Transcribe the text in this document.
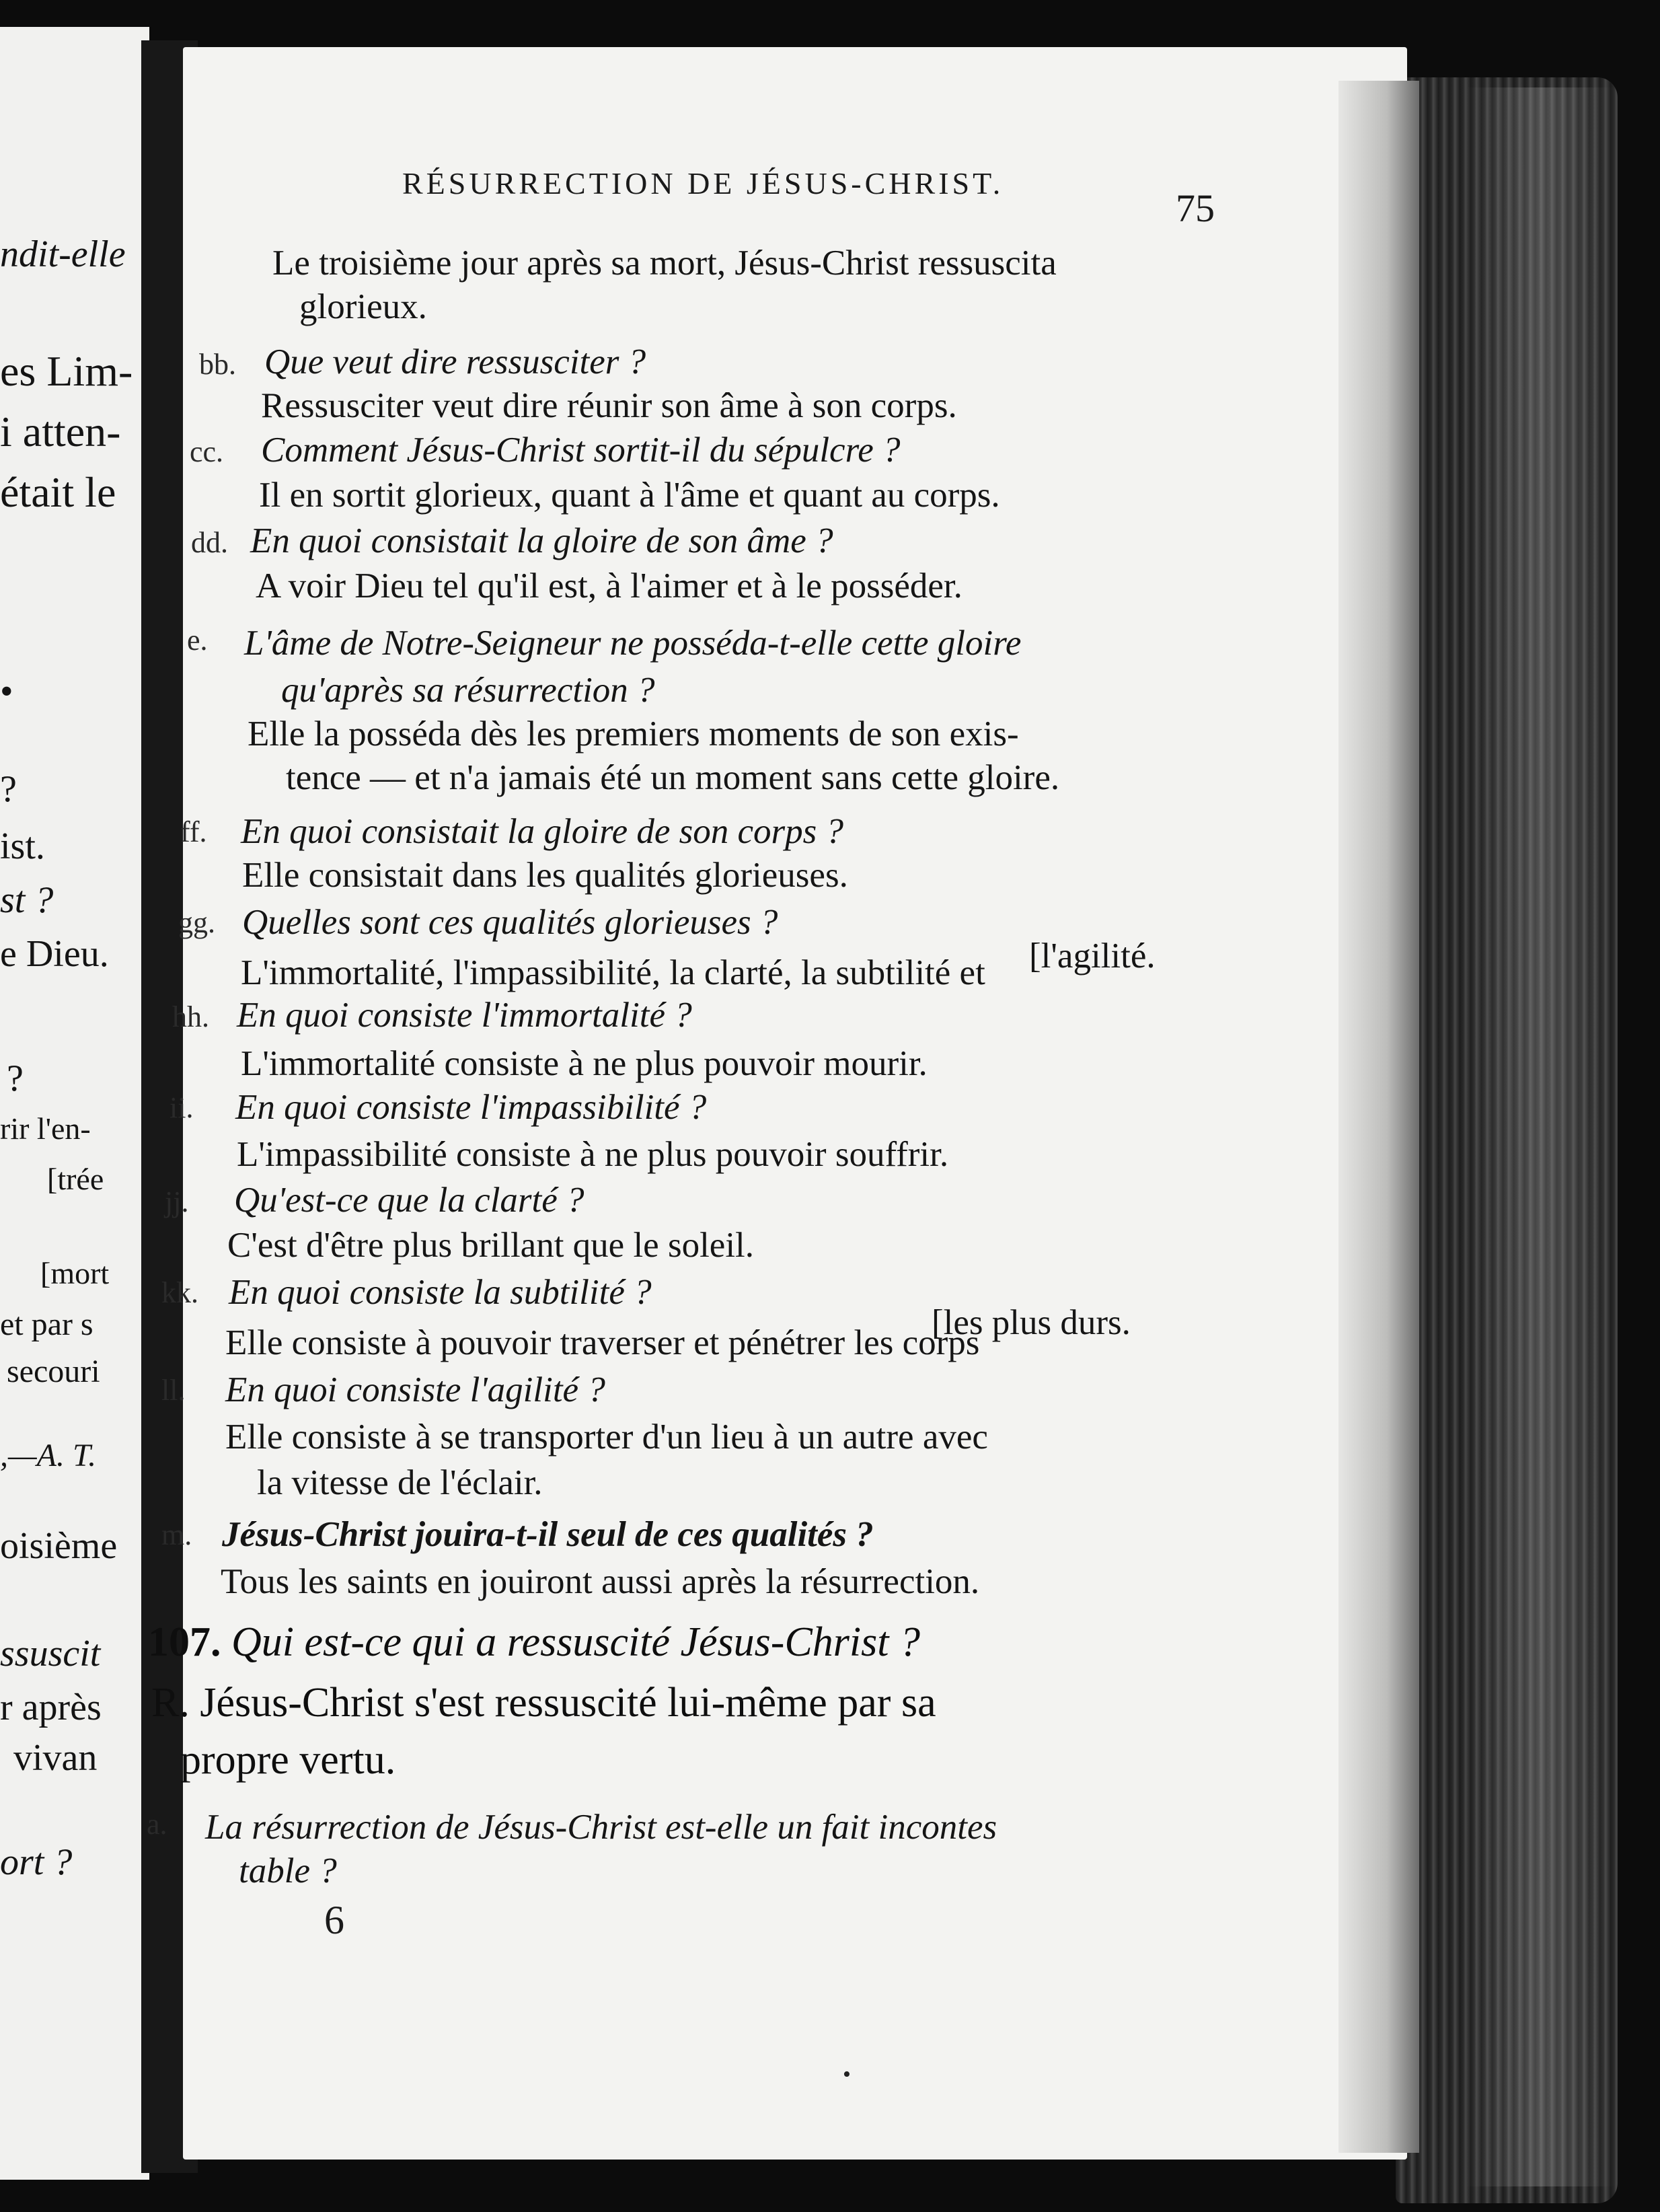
ndit-elle
es Lim-
i atten-
était le
•
?
ist.
st ?
e Dieu.
?
rir l'en-
[trée
[mort
et par s
secouri
,—A. T.
oisième
ssuscit
r après
vivan
ort ?
RÉSURRECTION DE JÉSUS-CHRIST.
75
Le troisième jour après sa mort, Jésus-Christ ressuscita
glorieux.
bb. Que veut dire ressusciter ?
Ressusciter veut dire réunir son âme à son corps.
cc. Comment Jésus-Christ sortit-il du sépulcre ?
Il en sortit glorieux, quant à l'âme et quant au corps.
dd. En quoi consistait la gloire de son âme ?
A voir Dieu tel qu'il est, à l'aimer et à le posséder.
e. L'âme de Notre-Seigneur ne posséda-t-elle cette gloire
qu'après sa résurrection ?
Elle la posséda dès les premiers moments de son exis-
tence — et n'a jamais été un moment sans cette gloire.
ff. En quoi consistait la gloire de son corps ?
Elle consistait dans les qualités glorieuses.
gg. Quelles sont ces qualités glorieuses ?
[l'agilité.
L'immortalité, l'impassibilité, la clarté, la subtilité et
hh. En quoi consiste l'immortalité ?
L'immortalité consiste à ne plus pouvoir mourir.
ii. En quoi consiste l'impassibilité ?
L'impassibilité consiste à ne plus pouvoir souffrir.
jj. Qu'est-ce que la clarté ?
C'est d'être plus brillant que le soleil.
kk. En quoi consiste la subtilité ?
[les plus durs.
Elle consiste à pouvoir traverser et pénétrer les corps
ll. En quoi consiste l'agilité ?
Elle consiste à se transporter d'un lieu à un autre avec
la vitesse de l'éclair.
m. Jésus-Christ jouira-t-il seul de ces qualités ?
Tous les saints en jouiront aussi après la résurrection.
107. Qui est-ce qui a ressuscité Jésus-Christ ?
R. Jésus-Christ s'est ressuscité lui-même par sa
propre vertu.
a. La résurrection de Jésus-Christ est-elle un fait incontes
table ?
6
•
